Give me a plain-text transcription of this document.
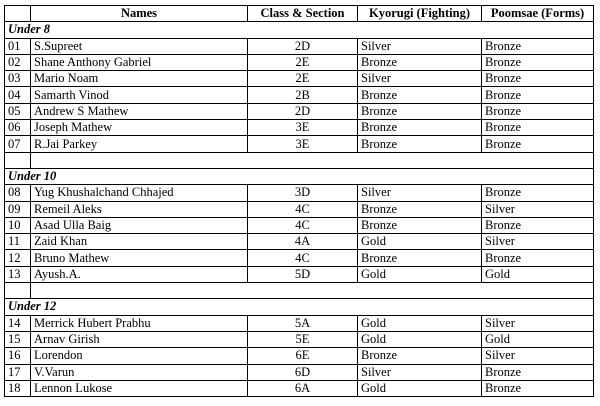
	Names	Class & Section	Kyorugi (Fighting)	Poomsae (Forms)
Under 8				
01	S.Supreet	2D	Silver	Bronze
02	Shane Anthony Gabriel	2E	Bronze	Bronze
03	Mario Noam	2E	Silver	Bronze
04	Samarth Vinod	2B	Bronze	Bronze
05	Andrew S Mathew	2D	Bronze	Bronze
06	Joseph Mathew	3E	Bronze	Bronze
07	R.Jai Parkey	3E	Bronze	Bronze

Under 10				
08	Yug Khushalchand Chhajed	3D	Silver	Bronze
09	Remeil Aleks	4C	Bronze	Silver
10	Asad Ulla Baig	4C	Bronze	Bronze
11	Zaid Khan	4A	Gold	Silver
12	Bruno Mathew	4C	Bronze	Bronze
13	Ayush.A.	5D	Gold	Gold

Under 12				
14	Merrick Hubert Prabhu	5A	Gold	Silver
15	Arnav Girish	5E	Gold	Gold
16	Lorendon	6E	Bronze	Silver
17	V.Varun	6D	Silver	Bronze
18	Lennon Lukose	6A	Gold	Bronze
